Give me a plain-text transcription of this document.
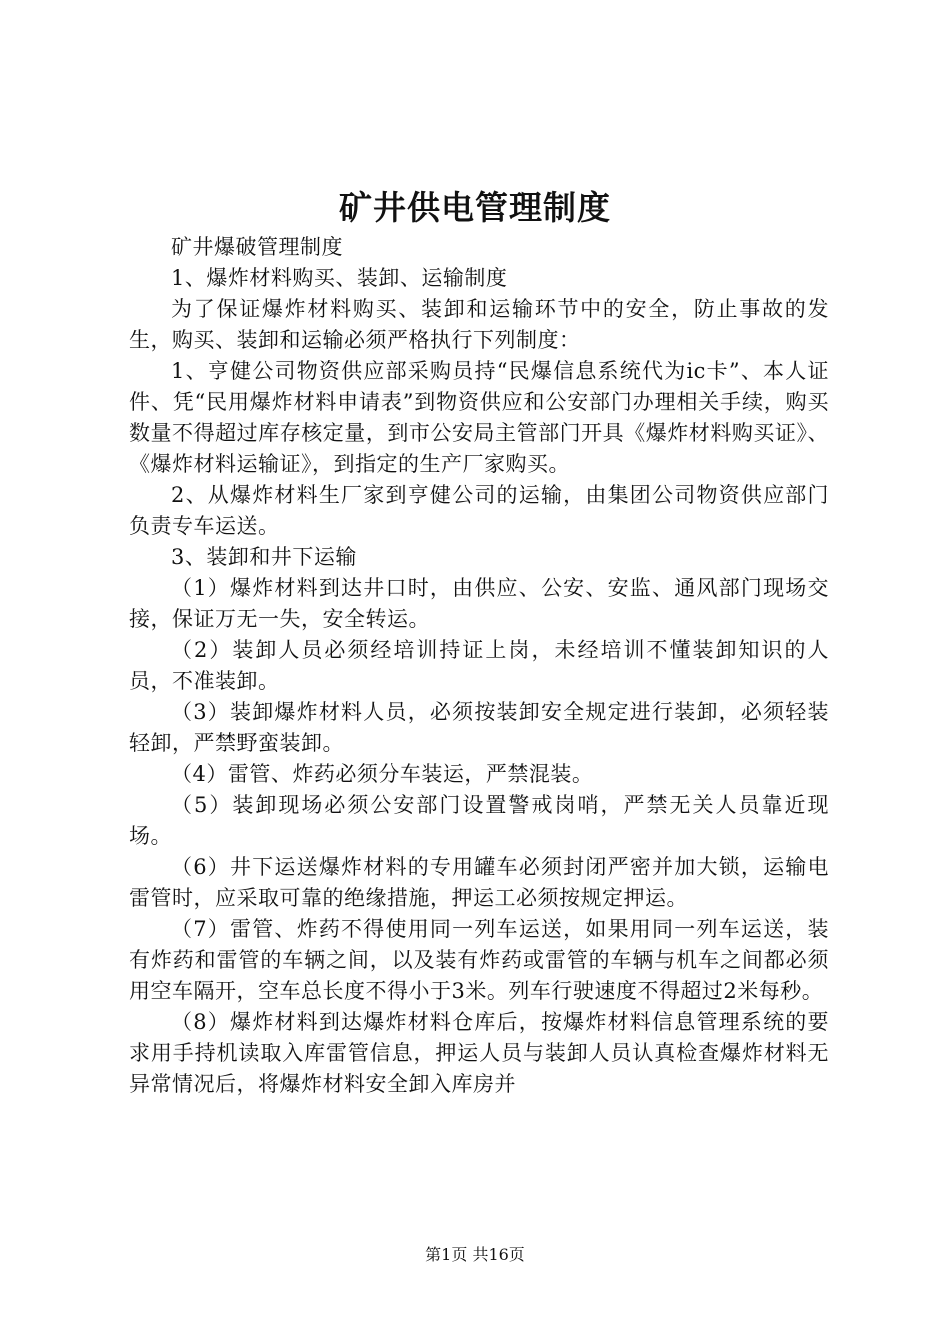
矿井供电管理制度

矿井爆破管理制度

1、爆炸材料购买、装卸、运输制度

为了保证爆炸材料购买、装卸和运输环节中的安全，防止事故的发生，购买、装卸和运输必须严格执行下列制度：

1、亨健公司物资供应部采购员持“民爆信息系统代为ic卡”、本人证件、凭“民用爆炸材料申请表”到物资供应和公安部门办理相关手续，购买数量不得超过库存核定量，到市公安局主管部门开具《爆炸材料购买证》、《爆炸材料运输证》，到指定的生产厂家购买。

2、从爆炸材料生厂家到亨健公司的运输，由集团公司物资供应部门负责专车运送。

3、装卸和井下运输

（1）爆炸材料到达井口时，由供应、公安、安监、通风部门现场交接，保证万无一失，安全转运。

（2）装卸人员必须经培训持证上岗，未经培训不懂装卸知识的人员，不准装卸。

（3）装卸爆炸材料人员，必须按装卸安全规定进行装卸，必须轻装轻卸，严禁野蛮装卸。

（4）雷管、炸药必须分车装运，严禁混装。

（5）装卸现场必须公安部门设置警戒岗哨，严禁无关人员靠近现场。

（6）井下运送爆炸材料的专用罐车必须封闭严密并加大锁，运输电雷管时，应采取可靠的绝缘措施，押运工必须按规定押运。

（7）雷管、炸药不得使用同一列车运送，如果用同一列车运送，装有炸药和雷管的车辆之间，以及装有炸药或雷管的车辆与机车之间都必须用空车隔开，空车总长度不得小于3米。列车行驶速度不得超过2米每秒。

（8）爆炸材料到达爆炸材料仓库后，按爆炸材料信息管理系统的要求用手持机读取入库雷管信息，押运人员与装卸人员认真检查爆炸材料无异常情况后，将爆炸材料安全卸入库房并

第1页 共16页
